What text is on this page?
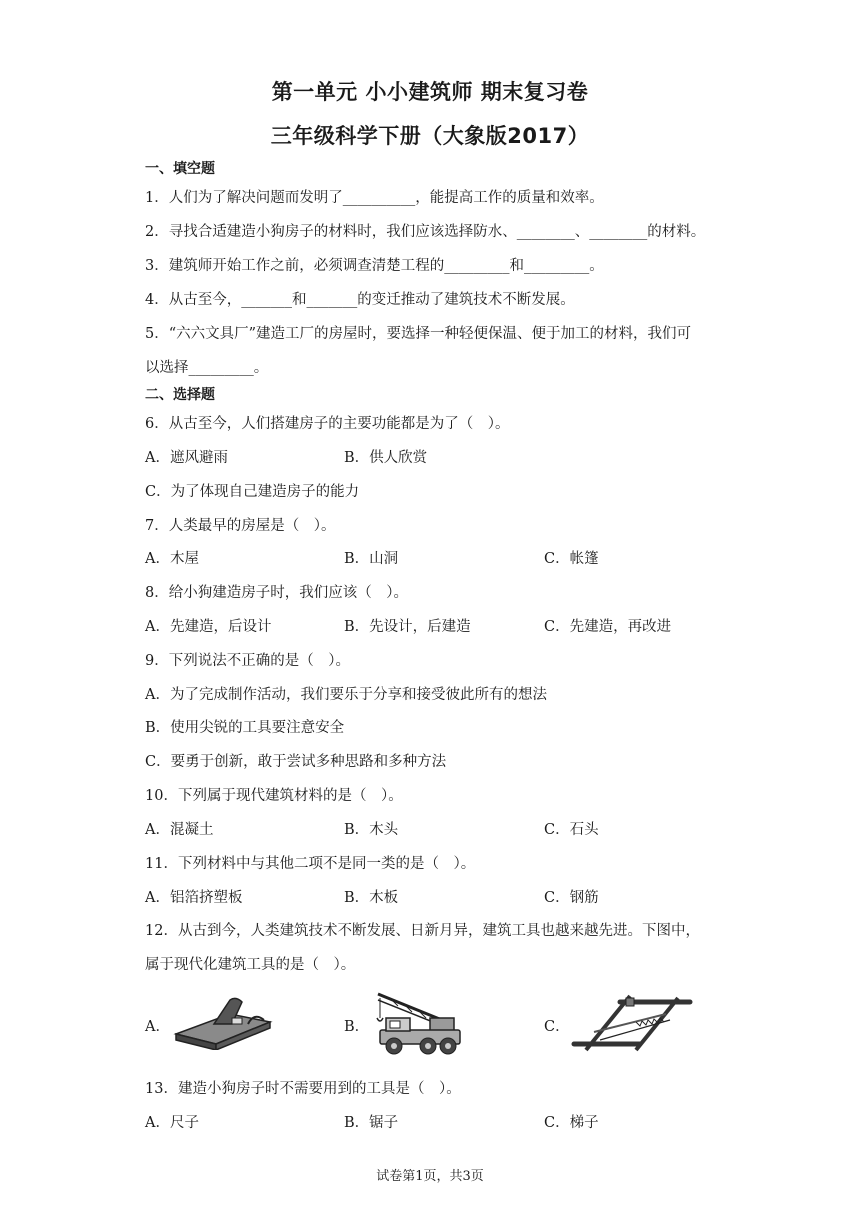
第一单元 小小建筑师 期末复习卷
三年级科学下册（大象版2017）
一、填空题
1．人们为了解决问题而发明了__________，能提高工作的质量和效率。
2．寻找合适建造小狗房子的材料时，我们应该选择防水、________、________的材料。
3．建筑师开始工作之前，必须调查清楚工程的_________和_________。
4．从古至今，_______和_______的变迁推动了建筑技术不断发展。
5．“六六文具厂”建造工厂的房屋时，要选择一种轻便保温、便于加工的材料，我们可
以选择_________。
二、选择题
6．从古至今，人们搭建房子的主要功能都是为了（　）。
A．遮风避雨	B．供人欣赏
C．为了体现自己建造房子的能力
7．人类最早的房屋是（　）。
A．木屋	B．山洞	C．帐篷
8．给小狗建造房子时，我们应该（　）。
A．先建造，后设计	B．先设计，后建造	C．先建造，再改进
9．下列说法不正确的是（　）。
A．为了完成制作活动，我们要乐于分享和接受彼此所有的想法
B．使用尖锐的工具要注意安全
C．要勇于创新，敢于尝试多种思路和多种方法
10．下列属于现代建筑材料的是（　）。
A．混凝土	B．木头	C．石头
11．下列材料中与其他二项不是同一类的是（　）。
A．铝箔挤塑板	B．木板	C．钢筋
12．从古到今，人类建筑技术不断发展、日新月异，建筑工具也越来越先进。下图中，
属于现代化建筑工具的是（　）。
A．	B．	C．
13．建造小狗房子时不需要用到的工具是（　）。
A．尺子	B．锯子	C．梯子
试卷第1页，共3页
